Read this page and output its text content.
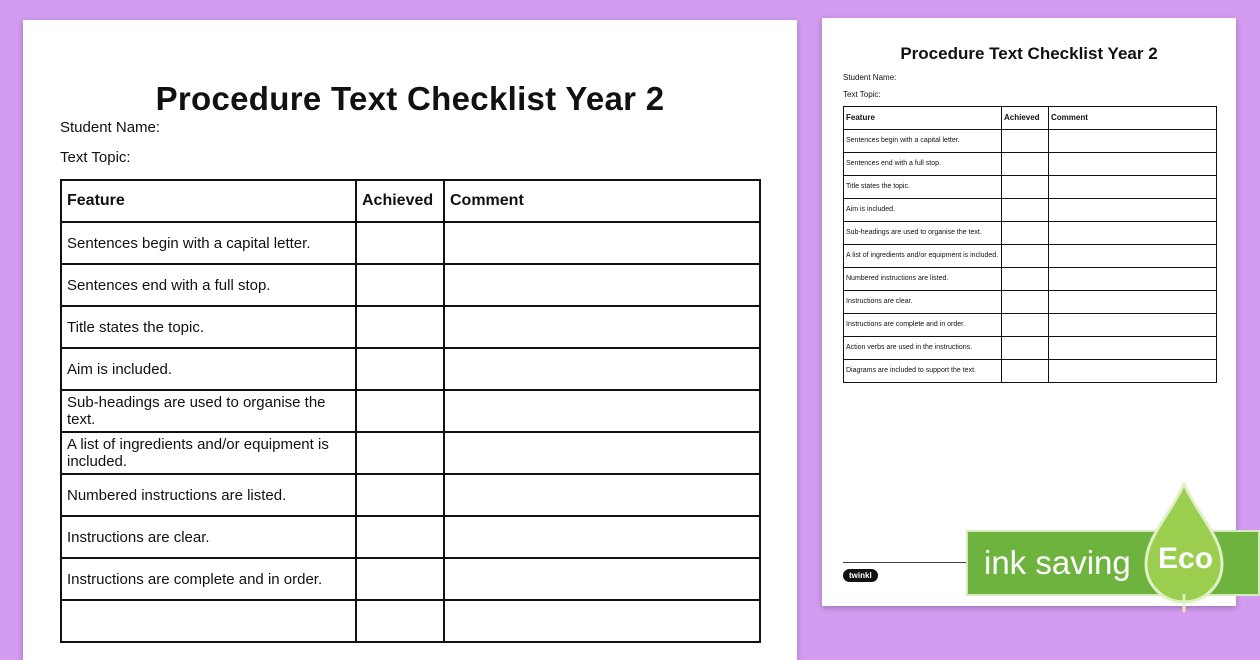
Procedure Text Checklist Year 2
Student Name:
Text Topic:
Feature	Achieved	Comment
Sentences begin with a capital letter.		
Sentences end with a full stop.		
Title states the topic.		
Aim is included.		
Sub-headings are used to organise the text.		
A list of ingredients and/or equipment is included.		
Numbered instructions are listed.		
Instructions are clear.		
Instructions are complete and in order.		

Procedure Text Checklist Year 2
Student Name:
Text Topic:
Feature	Achieved	Comment
Sentences begin with a capital letter.		
Sentences end with a full stop.		
Title states the topic.		
Aim is included.		
Sub-headings are used to organise the text.		
A list of ingredients and/or equipment is included.		
Numbered instructions are listed.		
Instructions are clear.		
Instructions are complete and in order.		
Action verbs are used in the instructions.		
Diagrams are included to support the text.		
twinkl	ink saving Eco
